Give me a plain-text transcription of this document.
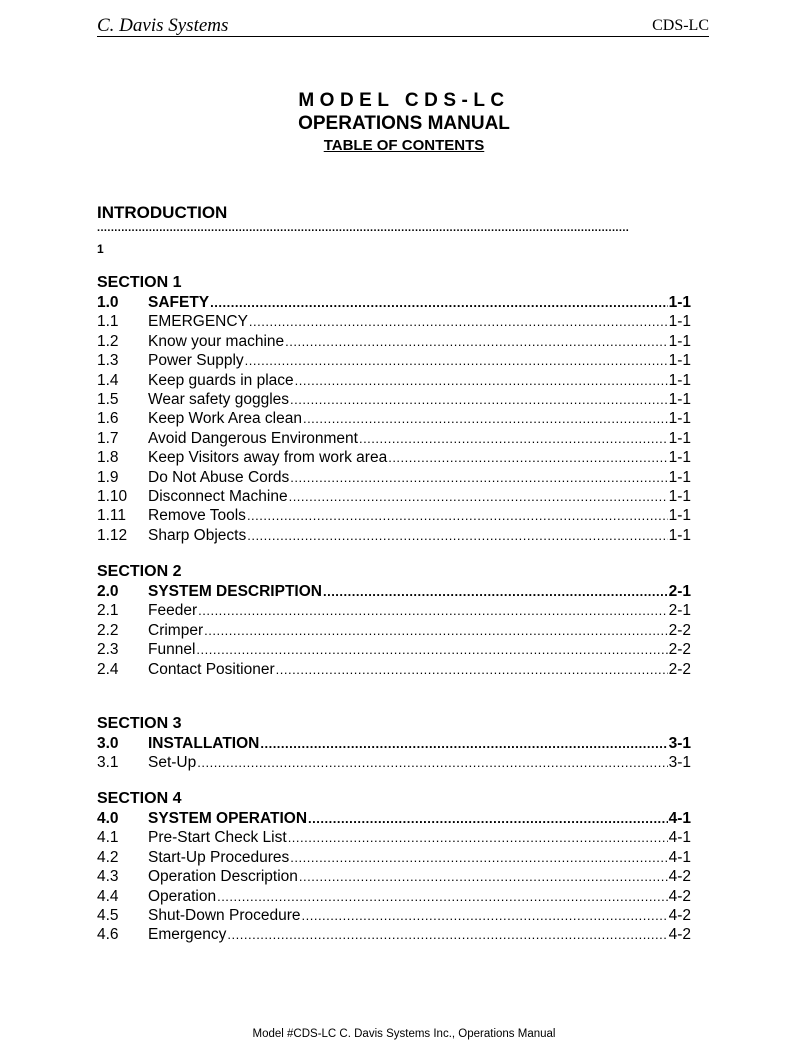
C. Davis Systems	CDS-LC
MODEL CDS-LC
OPERATIONS MANUAL
TABLE OF CONTENTS
INTRODUCTION
..........................................................................................................................................................
1
SECTION 1
1.0	SAFETY .....	1-1
1.1	EMERGENCY .....	1-1
1.2	Know your machine .....	1-1
1.3	Power Supply .....	1-1
1.4	Keep guards in place .....	1-1
1.5	Wear safety goggles .....	1-1
1.6	Keep Work Area clean .....	1-1
1.7	Avoid Dangerous Environment .....	1-1
1.8	Keep Visitors away from work area .....	1-1
1.9	Do Not Abuse Cords .....	1-1
1.10	Disconnect Machine .....	1-1
1.11	Remove Tools .....	1-1
1.12	Sharp Objects .....	1-1
SECTION 2
2.0	SYSTEM DESCRIPTION .....	2-1
2.1	Feeder .....	2-1
2.2	Crimper .....	2-2
2.3	Funnel .....	2-2
2.4	Contact Positioner .....	2-2
SECTION 3
3.0	INSTALLATION .....	3-1
3.1	Set-Up .....	3-1
SECTION 4
4.0	SYSTEM OPERATION .....	4-1
4.1	Pre-Start Check List .....	4-1
4.2	Start-Up Procedures .....	4-1
4.3	Operation Description .....	4-2
4.4	Operation .....	4-2
4.5	Shut-Down Procedure .....	4-2
4.6	Emergency .....	4-2
Model #CDS-LC C. Davis Systems Inc., Operations Manual
